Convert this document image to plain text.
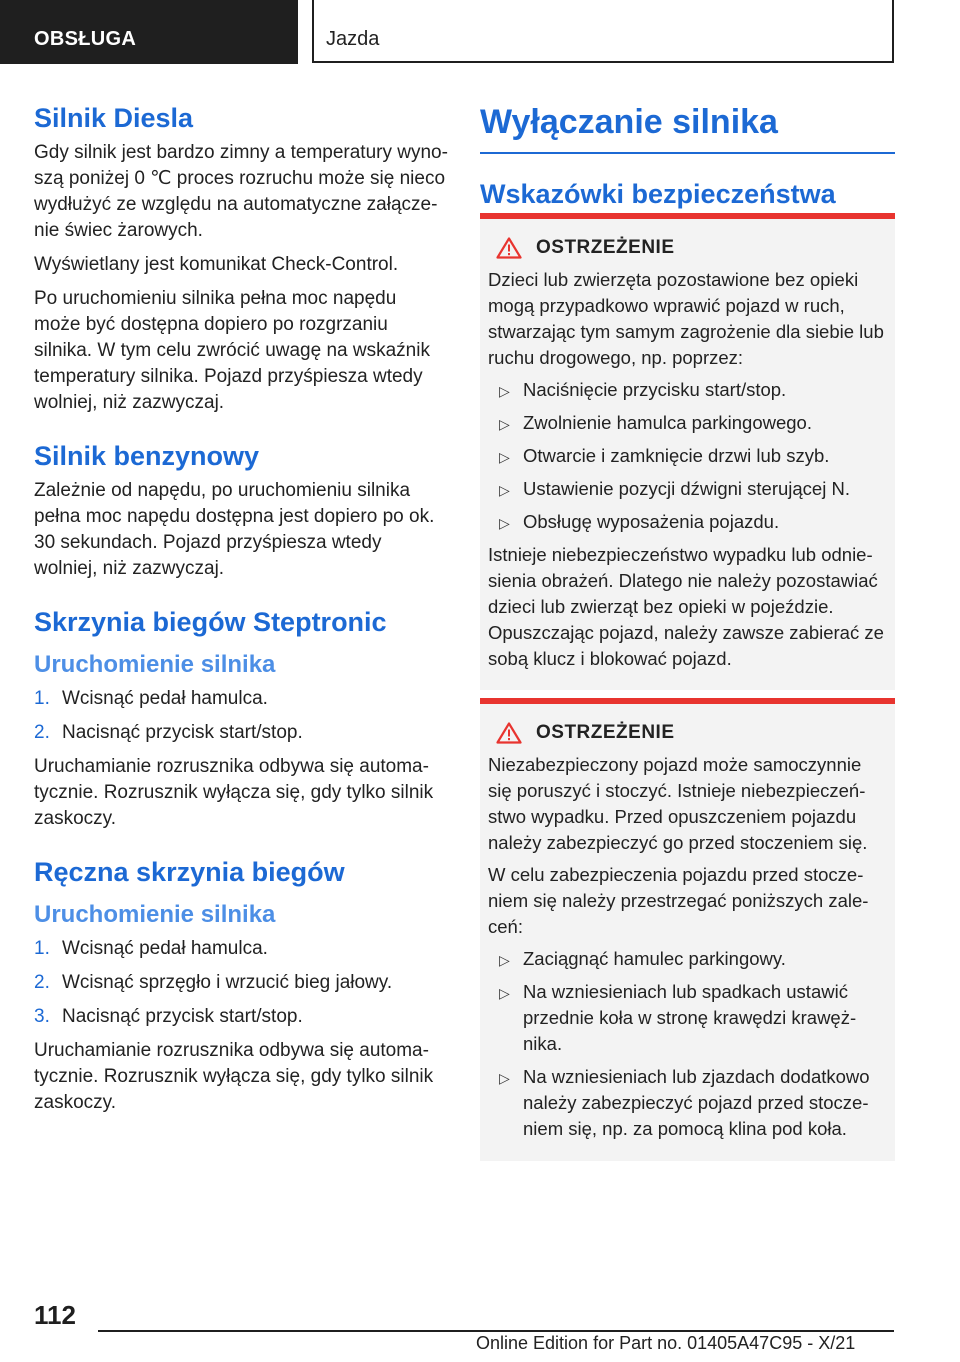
OBSŁUGA	Jazda
Silnik Diesla

Gdy silnik jest bardzo zimny a temperatury wynoszą poniżej 0 ℃ proces rozruchu może się nieco wydłużyć ze względu na automatyczne załączenie świec żarowych.

Wyświetlany jest komunikat Check-Control.

Po uruchomieniu silnika pełna moc napędu może być dostępna dopiero po rozgrzaniu silnika. W tym celu zwrócić uwagę na wskaźnik temperatury silnika. Pojazd przyśpiesza wtedy wolniej, niż zazwyczaj.

Silnik benzynowy

Zależnie od napędu, po uruchomieniu silnika pełna moc napędu dostępna jest dopiero po ok. 30 sekundach. Pojazd przyśpiesza wtedy wolniej, niż zazwyczaj.

Skrzynia biegów Steptronic
Uruchomienie silnika
1. Wcisnąć pedał hamulca.
2. Nacisnąć przycisk start/stop.

Uruchamianie rozrusznika odbywa się automatycznie. Rozrusznik wyłącza się, gdy tylko silnik zaskoczy.

Ręczna skrzynia biegów
Uruchomienie silnika
1. Wcisnąć pedał hamulca.
2. Wcisnąć sprzęgło i wrzucić bieg jałowy.
3. Nacisnąć przycisk start/stop.

Uruchamianie rozrusznika odbywa się automatycznie. Rozrusznik wyłącza się, gdy tylko silnik zaskoczy.

Wyłączanie silnika
Wskazówki bezpieczeństwa
OSTRZEŻENIE

Dzieci lub zwierzęta pozostawione bez opieki mogą przypadkowo wprawić pojazd w ruch, stwarzając tym samym zagrożenie dla siebie lub ruchu drogowego, np. poprzez:

▷ Naciśnięcie przycisku start/stop.
▷ Zwolnienie hamulca parkingowego.
▷ Otwarcie i zamknięcie drzwi lub szyb.
▷ Ustawienie pozycji dźwigni sterującej N.
▷ Obsługę wyposażenia pojazdu.

Istnieje niebezpieczeństwo wypadku lub odniesienia obrażeń. Dlatego nie należy pozostawiać dzieci lub zwierząt bez opieki w pojeździe. Opuszczając pojazd, należy zawsze zabierać ze sobą klucz i blokować pojazd.

OSTRZEŻENIE

Niezabezpieczony pojazd może samoczynnie się poruszyć i stoczyć. Istnieje niebezpieczeństwo wypadku. Przed opuszczeniem pojazdu należy zabezpieczyć go przed stoczeniem się.

W celu zabezpieczenia pojazdu przed stoczeniem się należy przestrzegać poniższych zaleceń:

▷ Zaciągnąć hamulec parkingowy.
▷ Na wzniesieniach lub spadkach ustawić przednie koła w stronę krawędzi krawężnika.
▷ Na wzniesieniach lub zjazdach dodatkowo należy zabezpieczyć pojazd przed stoczeniem się, np. za pomocą klina pod koła.
112
Online Edition for Part no. 01405A47C95 - X/21
